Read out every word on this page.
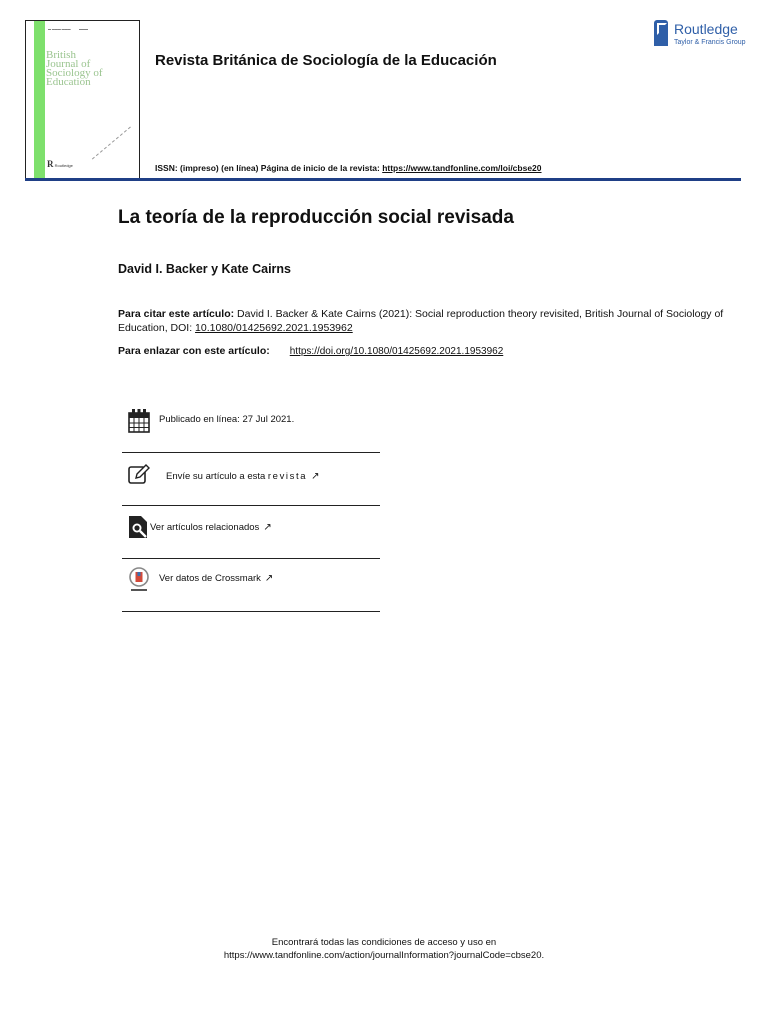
▬ ▬▬▬ ▬▬▬          ▬▬▬
British
Journal of
Sociology of
Education
R Routledge
Revista Británica de Sociología de la Educación
Routledge
Taylor & Francis Group
ISSN: (impreso) (en línea) Página de inicio de la revista: https://www.tandfonline.com/loi/cbse20
La teoría de la reproducción social revisada
David I. Backer y Kate Cairns
Para citar este artículo: David I. Backer & Kate Cairns (2021): Social reproduction theory revisited, British Journal of Sociology of Education, DOI: 10.1080/01425692.2021.1953962
Para enlazar con este artículo: https://doi.org/10.1080/01425692.2021.1953962
Publicado en línea: 27 Jul 2021.
Envíe su artículo a esta revista ↗
Ver artículos relacionados ↗
Ver datos de Crossmark ↗
Encontrará todas las condiciones de acceso y uso en
https://www.tandfonline.com/action/journalInformation?journalCode=cbse20.
